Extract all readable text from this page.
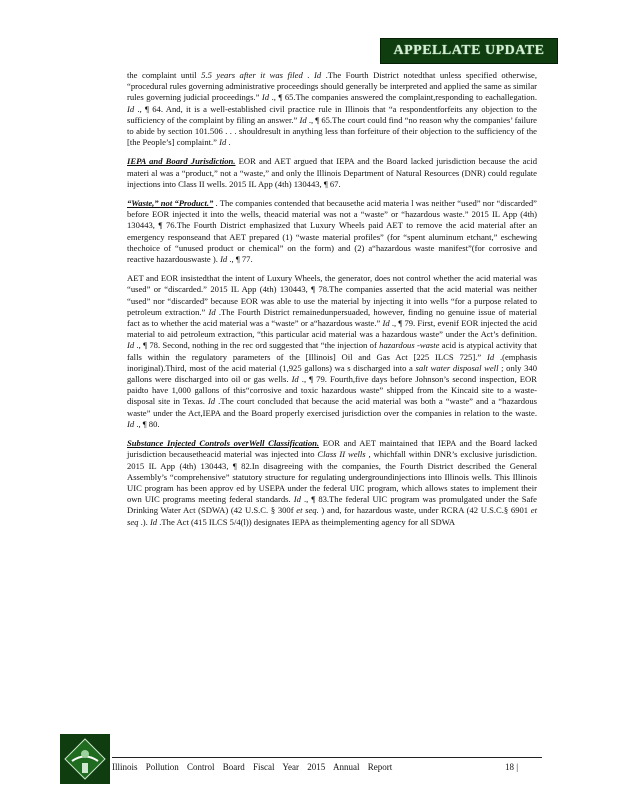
APPELLATE UPDATE

the complaint until 5.5 years after it was filed . Id .The Fourth District notedthat unless specified otherwise, “procedural rules governing administrative proceedings should generally be interpreted and applied the same as similar rules governing judicial proceedings.” Id ., ¶ 65.The companies answered the complaint,responding to eachallegation. Id ., ¶ 64. And, it is a well-established civil practice rule in Illinois that “a respondentforfeits any objection to the sufficiency of the complaint by filing an answer.” Id ., ¶ 65.The court could find “no reason why the companies’ failure to abide by section 101.506 . . . shouldresult in anything less than forfeiture of their objection to the sufficiency of the [the People’s] complaint.” Id .

IEPA and Board Jurisdiction. EOR and AET argued that IEPA and the Board lacked jurisdiction because the acid materi al was a “product,” not a “waste,” and only the Illinois Department of Natural Resources (DNR) could regulate injections into Class II wells. 2015 IL App (4th) 130443, ¶ 67.

“Waste,” not “Product.” . The companies contended that becausethe acid materia l was neither “used” nor “discarded” before EOR injected it into the wells, theacid material was not a “waste” or “hazardous waste.” 2015 IL App (4th) 130443, ¶ 76.The Fourth District emphasized that Luxury Wheels paid AET to remove the acid material after an emergency responseand that AET prepared (1) “waste material profiles” (for “spent aluminum etchant,” eschewing thechoice of “unused product or chemical” on the form) and (2) a“hazardous waste manifest”(for corrosive and reactive hazardouswaste ). Id ., ¶ 77.

AET and EOR insistedthat the intent of Luxury Wheels, the generator, does not control whether the acid material was “used” or “discarded.” 2015 IL App (4th) 130443, ¶ 78.The companies asserted that the acid material was neither “used” nor “discarded” because EOR was able to use the material by injecting it into wells “for a purpose related to petroleum extraction.” Id .The Fourth District remainedunpersuaded, however, finding no genuine issue of material fact as to whether the acid material was a “waste” or a“hazardous waste.” Id ., ¶ 79. First, evenif EOR injected the acid material to aid petroleum extraction, “this particular acid material was a hazardous waste” under the Act’s definition. Id ., ¶ 78. Second, nothing in the rec ord suggested that “the injection of hazardous -waste acid is atypical activity that falls within the regulatory parameters of the [Illinois] Oil and Gas Act [225 ILCS 725].” Id .(emphasis inoriginal).Third, most of the acid material (1,925 gallons) wa s discharged into a salt water disposal well ; only 340 gallons were discharged into oil or gas wells. Id ., ¶ 79. Fourth,five days before Johnson’s second inspection, EOR paidto have 1,000 gallons of this“corrosive and toxic hazardous waste” shipped from the Kincaid site to a waste-disposal site in Texas. Id .The court concluded that because the acid material was both a “waste” and a “hazardous waste” under the Act,IEPA and the Board properly exercised jurisdiction over the companies in relation to the waste. Id ., ¶ 80.

Substance Injected Controls overWell Classification. EOR and AET maintained that IEPA and the Board lacked jurisdiction becausetheacid material was injected into Class II wells , whichfall within DNR’s exclusive jurisdiction. 2015 IL App (4th) 130443, ¶ 82.In disagreeing with the companies, the Fourth District described the General Assembly’s “comprehensive” statutory structure for regulating undergroundinjections into Illinois wells. This Illinois UIC program has been approv ed by USEPA under the federal UIC program, which allows states to implement their own UIC programs meeting federal standards. Id ., ¶ 83.The federal UIC program was promulgated under the Safe Drinking Water Act (SDWA) (42 U.S.C. § 300f et seq. ) and, for hazardous waste, under RCRA (42 U.S.C.§ 6901 et seq .). Id .The Act (415 ILCS 5/4(l)) designates IEPA as theimplementing agency for all SDWA

Illinois Pollution Control Board Fiscal Year 2015 Annual Report	18 |
